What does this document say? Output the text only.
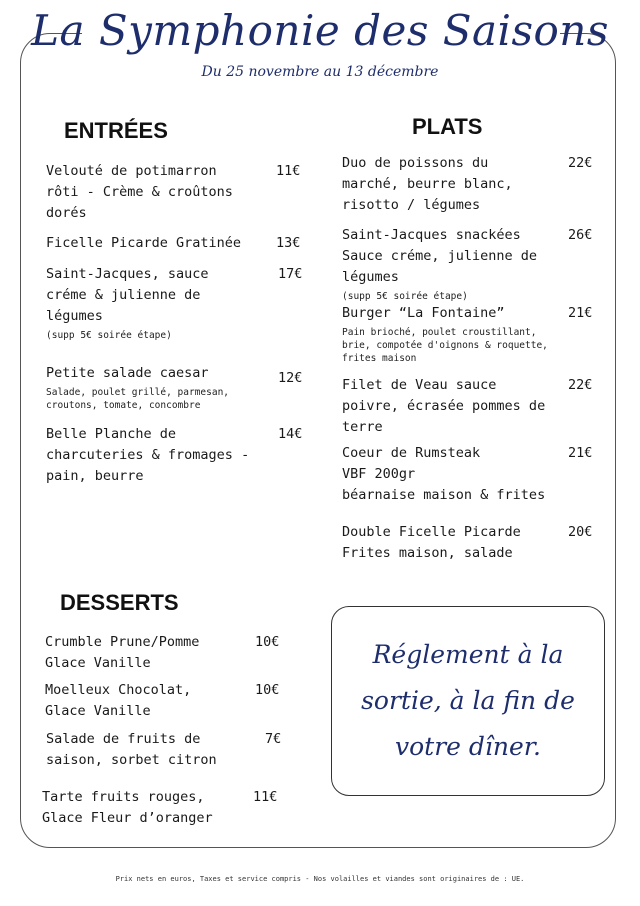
La Symphonie des Saisons
Du 25 novembre au 13 décembre
ENTRÉES
Velouté de potimarron
rôti - Crème & croûtons
dorés
11€
Ficelle Picarde Gratinée	13€
Saint-Jacques, sauce
créme & julienne de
légumes
(supp 5€ soirée étape)
17€
Petite salade caesar
Salade, poulet grillé, parmesan,
croutons, tomate, concombre
12€
Belle Planche de
charcuteries & fromages -
pain, beurre
14€
PLATS
Duo de poissons du
marché, beurre blanc,
risotto / légumes
22€
Saint-Jacques snackées
Sauce créme, julienne de
légumes
(supp 5€ soirée étape)
26€
Burger “La Fontaine”
Pain brioché, poulet croustillant,
brie, compotée d'oignons & roquette,
frites maison
21€
Filet de Veau sauce
poivre, écrasée pommes de
terre
22€
Coeur de Rumsteak
VBF 200gr
béarnaise maison & frites
21€
Double Ficelle Picarde
Frites maison, salade
20€
DESSERTS
Crumble Prune/Pomme
Glace Vanille
10€
Moelleux Chocolat,
Glace Vanille
10€
Salade de fruits de
saison, sorbet citron
7€
Tarte fruits rouges,
Glace Fleur d’oranger
11€
Réglement à la
sortie, à la fin de
votre dîner.
Prix nets en euros, Taxes et service compris - Nos volailles et viandes sont originaires de : UE.
